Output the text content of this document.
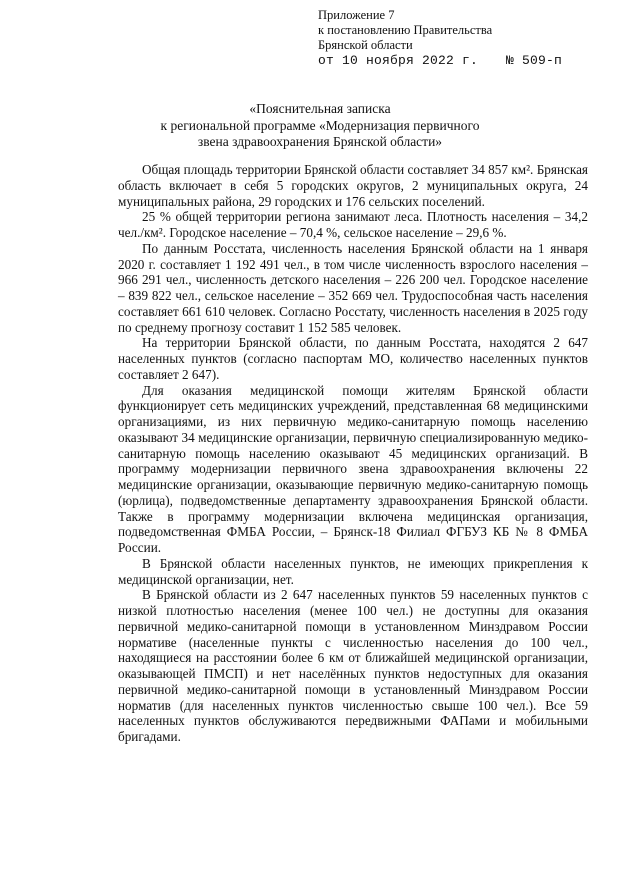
Приложение 7
к постановлению Правительства
Брянской области
от 10 ноября 2022 г. № 509-п
«Пояснительная записка
к региональной программе «Модернизация первичного
звена здравоохранения Брянской области»

Общая площадь территории Брянской области составляет 34 857 км². Брянская область включает в себя 5 городских округов, 2 муниципальных округа, 24 муниципальных района, 29 городских и 176 сельских поселений.

25 % общей территории региона занимают леса. Плотность населения – 34,2 чел./км². Городское население – 70,4 %, сельское население – 29,6 %.

По данным Росстата, численность населения Брянской области на 1 января 2020 г. составляет 1 192 491 чел., в том числе численность взрослого населения – 966 291 чел., численность детского населения – 226 200 чел. Городское население – 839 822 чел., сельское население – 352 669 чел. Трудоспособная часть населения составляет 661 610 человек. Согласно Росстату, численность населения в 2025 году по среднему прогнозу составит 1 152 585 человек.

На территории Брянской области, по данным Росстата, находятся 2 647 населенных пунктов (согласно паспортам МО, количество населенных пунктов составляет 2 647).

Для оказания медицинской помощи жителям Брянской области функционирует сеть медицинских учреждений, представленная 68 медицинскими организациями, из них первичную медико-санитарную помощь населению оказывают 34 медицинские организации, первичную специализированную медико-санитарную помощь населению оказывают 45 медицинских организаций. В программу модернизации первичного звена здравоохранения включены 22 медицинские организации, оказывающие первичную медико-санитарную помощь (юрлица), подведомственные департаменту здравоохранения Брянской области. Также в программу модернизации включена медицинская организация, подведомственная ФМБА России, – Брянск-18 Филиал ФГБУЗ КБ № 8 ФМБА России.

В Брянской области населенных пунктов, не имеющих прикрепления к медицинской организации, нет.

В Брянской области из 2 647 населенных пунктов 59 населенных пунктов с низкой плотностью населения (менее 100 чел.) не доступны для оказания первичной медико-санитарной помощи в установленном Минздравом России нормативе (населенные пункты с численностью населения до 100 чел., находящиеся на расстоянии более 6 км от ближайшей медицинской организации, оказывающей ПМСП) и нет населённых пунктов недоступных для оказания первичной медико-санитарной помощи в установленный Минздравом России норматив (для населенных пунктов численностью свыше 100 чел.). Все 59 населенных пунктов обслуживаются передвижными ФАПами и мобильными бригадами.
